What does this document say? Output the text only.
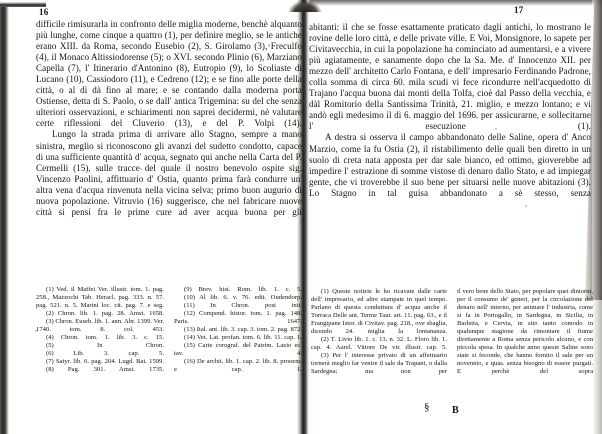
16

difficile rimisurarla in confronto delle miglia moderne, benchè alquanto più lunghe, come cinque a quattro (1), per definire meglio, se le antiche erano XIII. da Roma, secondo Eusebio (2), S. Girolamo (3), Freculfo (4), il Monaco Altissiodorense (5); o XVI. secondo Plinio (6), Marziano Capella (7), l' Itinerario d'Antonino (8), Eutropio (9), lo Scoliaste di Lucano (10), Cassiodoro (11), e Cedreno (12); e se fino alle porte della città, o al dì dà fino al mare; e se contando dalla moderna porta Ostiense, detta di S. Paolo, o se dall' antica Trigemina: su del che senza ulteriori osservazioni, e schiarimenti non saprei decidermi, nè valutare certe riflessioni del Cluverio (13), e del P. Volpi (14).

Lungo la strada prima di arrivare allo Stagno, sempre a mano sinistra, meglio si riconoscono gli avanzi del sudetto condotto, capace di una sufficiente quantità d' acqua, segnato qui anche nella Carta del P. Cermelli (15), sulle tracce del quale il nostro benevolo ospite sig. Vincenzo Paolini, affittuario d' Ostia, quanto prima farà condurre un' altra vena d'acqua rinvenuta nella vicina selva; primo buon augurio di nuova popolazione. Vitruvio (16) suggerisce, che nel fabricare nuove città si pensi fra le prime cure ad aver acqua buona per gli

(1) Ved. il Maffei Ver. illustr. tom. 1. pag. 258., Mazzochi Tab. Heracl. pag. 333. n. 57. pag. 521. n. 5. Marini loc. cit. pag. 7. e seg.

(2) Chron. lib. 1. pag. 28. Amst. 1658.

(3) Chron. Euseb. lib. 1. ann. Abr. 1399. Ver. 1740. tom. 8. col. 453.

(4) Chron. tom. 1. lib. 3. c. 15.

(5) In Chron.

(6) Lib. 3. cap. 5.

(7) Satyr. lib. 6. pag. 204. Lugd. Bat. 1599.

(8) Pag. 301. Amst. 1735.

(9) Brev. hist. Rom. lib. 1. c. 5.

(10) Al lib. 6. v. 76. edit. Oudendorp.

(11) In Chron. post init.

(12) Compend. histor. tom. 1. pag. 148. Paris. 1647.

(13) Ital. ant. lib. 3. cap. 3. tom. 2. pag. 872.

(14) Vet. Lat. profan. tom. 6. lib. 11. cap. 1.

(15) Carte corograf. del Patrim. Lazio ec. tav. 4.

(16) De archit. lib. 1. cap. 2. lib. 8. prooem. e cap. 1.

17

abitanti: il che se fosse esattamente praticato dagli antichi, lo mostrano le rovine delle loro città, e delle private ville. E Voi, Monsignore, lo sapete per Civitavecchia, in cui la popolazione ha cominciato ad aumentarsi, e a vivere più agiatamente, e sanamente dopo che la Sa. Me. d' Innocenzo XII. per mezzo dell' architetto Carlo Fontana, e dell' impresario Ferdinando Padrone, colla somma di circa 60. mila scudi vi fece ricondurre nell'acquedotto di Trajano l'acqua buona dai monti della Tolfa, cioè dal Passo della vecchia, e dàl Romitorio della Santissima Trinità, 21. miglio, e mezzo lontano; e vi andò egli medesimo il dì 6. maggio del 1696. per assicurarne, e sollecitarne l' esecuzione (1).

A destra si osserva il campo abbandonato delle Saline, opera d' Anco Marzio, come la fu Ostia (2), il ristabilimento delle quali ben diretto in un suolo di creta nata apposta per dar sale bianco, ed ottimo, gioverebbe ad impedire l' estrazione di somme vistose di denaro dallo Stato, e ad impiegar gente, che vi troverebbe il suo bene per situarsi nelle nuove abitazioni (3). Lo Stagno in tal guisa abbandonato a sè stesso, senza

(1) Queste notizie le ho ricavate dalle carte dell' impresario, ed altre stampate in quel tempo. Parlano di questa conduttura d' acqua anche il Torraca Delle ant. Terme Taur. art. 11. pag. 63., e il Frangipane Istor. di Civitav. pag. 218., ove sbaglia, dicendo 24. miglia la lontananza.

(2) T. Livio lib. 1. c. 13. n. 32. L. Floro lib. 1. cap. 4. Aurel. Vittore De vir. illustr. cap. 5.

(3) Per l' interesse privato di un affettuario tornerà meglio far venire il sale da Trapani, o dalla Sardegna; ma non per

il vero bene dello Stato, per popolare quei dintorni, per il consumo de' generi, per la circolazione del denaro nell' interno, per animare l' industria, come si fa in Portogallo, in Sardegna, in Sicilia, in Barletta, e Cervia, in sito tanto comodo in qualunque stagione da rimontare il fiume direttamente a Roma senza pericolo alcuno, e con piccola spesa. In qualche anno queste Saline sono state si feconde, che hanno fornito il sale per un novennio, e quas. senza bisogno di essere purgatì. E perchè del sopra

§ B
